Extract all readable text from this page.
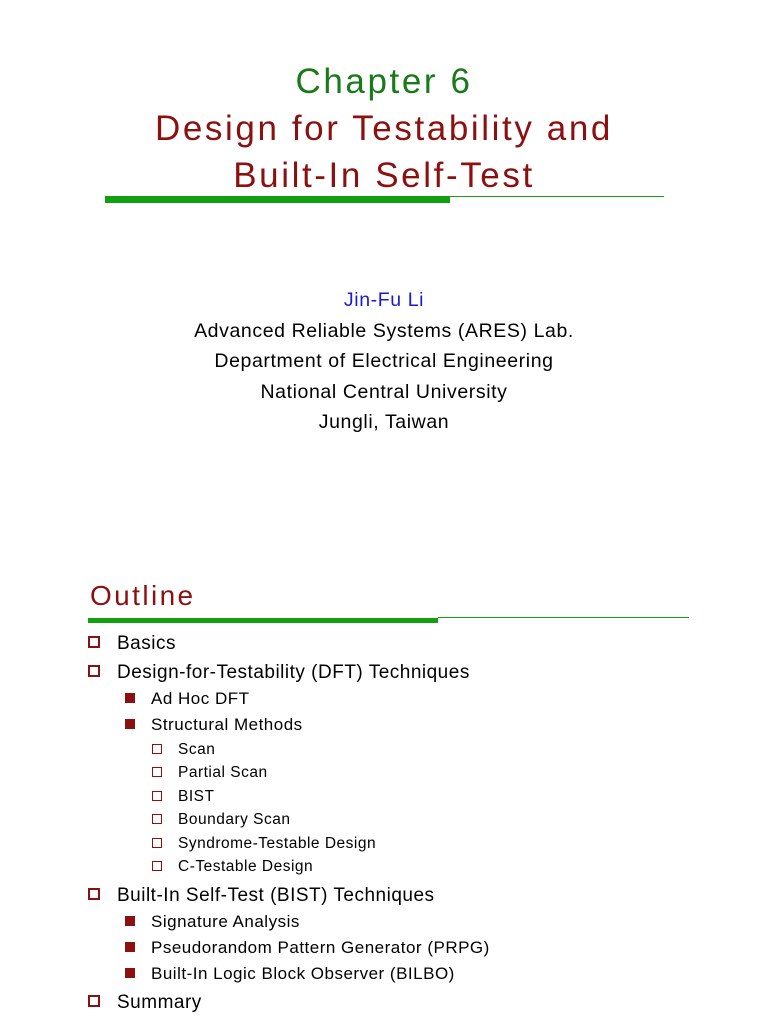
Chapter 6
Design for Testability and
Built-In Self-Test
Jin-Fu Li
Advanced Reliable Systems (ARES) Lab.
Department of Electrical Engineering
National Central University
Jungli, Taiwan
Outline
Basics
Design-for-Testability (DFT) Techniques
Ad Hoc DFT
Structural Methods
Scan
Partial Scan
BIST
Boundary Scan
Syndrome-Testable Design
C-Testable Design
Built-In Self-Test (BIST) Techniques
Signature Analysis
Pseudorandom Pattern Generator (PRPG)
Built-In Logic Block Observer (BILBO)
Summary
